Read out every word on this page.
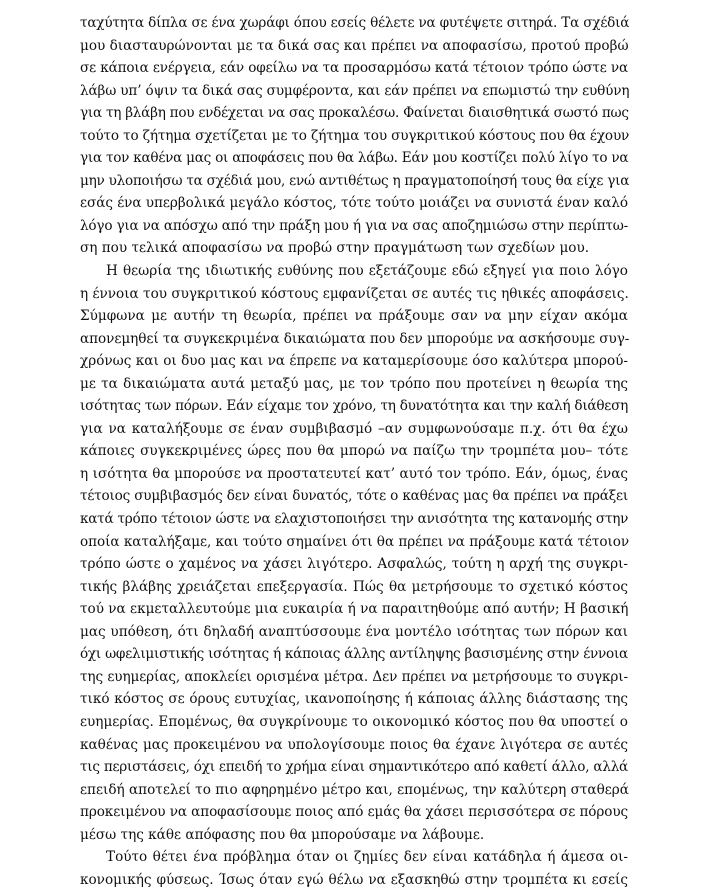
ταχύτητα δίπλα σε ένα χωράφι όπου εσείς θέλετε να φυτέψετε σιτηρά. Τα σχέδιά
μου διασταυρώνονται με τα δικά σας και πρέπει να αποφασίσω, προτού προβώ
σε κάποια ενέργεια, εάν οφείλω να τα προσαρμόσω κατά τέτοιον τρόπο ώστε να
λάβω υπ’ όψιν τα δικά σας συμφέροντα, και εάν πρέπει να επωμιστώ την ευθύνη
για τη βλάβη που ενδέχεται να σας προκαλέσω. Φαίνεται διαισθητικά σωστό πως
τούτο το ζήτημα σχετίζεται με το ζήτημα του συγκριτικού κόστους που θα έχουν
για τον καθένα μας οι αποφάσεις που θα λάβω. Εάν μου κοστίζει πολύ λίγο το να
μην υλοποιήσω τα σχέδιά μου, ενώ αντιθέτως η πραγματοποίησή τους θα είχε για
εσάς ένα υπερβολικά μεγάλο κόστος, τότε τούτο μοιάζει να συνιστά έναν καλό
λόγο για να απόσχω από την πράξη μου ή για να σας αποζημιώσω στην περίπτω-
ση που τελικά αποφασίσω να προβώ στην πραγμάτωση των σχεδίων μου.
Η θεωρία της ιδιωτικής ευθύνης που εξετάζουμε εδώ εξηγεί για ποιο λόγο
η έννοια του συγκριτικού κόστους εμφανίζεται σε αυτές τις ηθικές αποφάσεις.
Σύμφωνα με αυτήν τη θεωρία, πρέπει να πράξουμε σαν να μην είχαν ακόμα
απονεμηθεί τα συγκεκριμένα δικαιώματα που δεν μπορούμε να ασκήσουμε συγ-
χρόνως και οι δυο μας και να έπρεπε να καταμερίσουμε όσο καλύτερα μπορού-
με τα δικαιώματα αυτά μεταξύ μας, με τον τρόπο που προτείνει η θεωρία της
ισότητας των πόρων. Εάν είχαμε τον χρόνο, τη δυνατότητα και την καλή διάθεση
για να καταλήξουμε σε έναν συμβιβασμό –αν συμφωνούσαμε π.χ. ότι θα έχω
κάποιες συγκεκριμένες ώρες που θα μπορώ να παίζω την τρομπέτα μου– τότε
η ισότητα θα μπορούσε να προστατευτεί κατ’ αυτό τον τρόπο. Εάν, όμως, ένας
τέτοιος συμβιβασμός δεν είναι δυνατός, τότε ο καθένας μας θα πρέπει να πράξει
κατά τρόπο τέτοιον ώστε να ελαχιστοποιήσει την ανισότητα της κατανομής στην
οποία καταλήξαμε, και τούτο σημαίνει ότι θα πρέπει να πράξουμε κατά τέτοιον
τρόπο ώστε ο χαμένος να χάσει λιγότερο. Ασφαλώς, τούτη η αρχή της συγκρι-
τικής βλάβης χρειάζεται επεξεργασία. Πώς θα μετρήσουμε το σχετικό κόστος
τού να εκμεταλλευτούμε μια ευκαιρία ή να παραιτηθούμε από αυτήν; Η βασική
μας υπόθεση, ότι δηλαδή αναπτύσσουμε ένα μοντέλο ισότητας των πόρων και
όχι ωφελιμιστικής ισότητας ή κάποιας άλλης αντίληψης βασισμένης στην έννοια
της ευημερίας, αποκλείει ορισμένα μέτρα. Δεν πρέπει να μετρήσουμε το συγκρι-
τικό κόστος σε όρους ευτυχίας, ικανοποίησης ή κάποιας άλλης διάστασης της
ευημερίας. Επομένως, θα συγκρίνουμε το οικονομικό κόστος που θα υποστεί ο
καθένας μας προκειμένου να υπολογίσουμε ποιος θα έχανε λιγότερα σε αυτές
τις περιστάσεις, όχι επειδή το χρήμα είναι σημαντικότερο από καθετί άλλο, αλλά
επειδή αποτελεί το πιο αφηρημένο μέτρο και, επομένως, την καλύτερη σταθερά
προκειμένου να αποφασίσουμε ποιος από εμάς θα χάσει περισσότερα σε πόρους
μέσω της κάθε απόφασης που θα μπορούσαμε να λάβουμε.
Τούτο θέτει ένα πρόβλημα όταν οι ζημίες δεν είναι κατάδηλα ή άμεσα οι-
κονομικής φύσεως. Ίσως όταν εγώ θέλω να εξασκηθώ στην τρομπέτα κι εσείς
